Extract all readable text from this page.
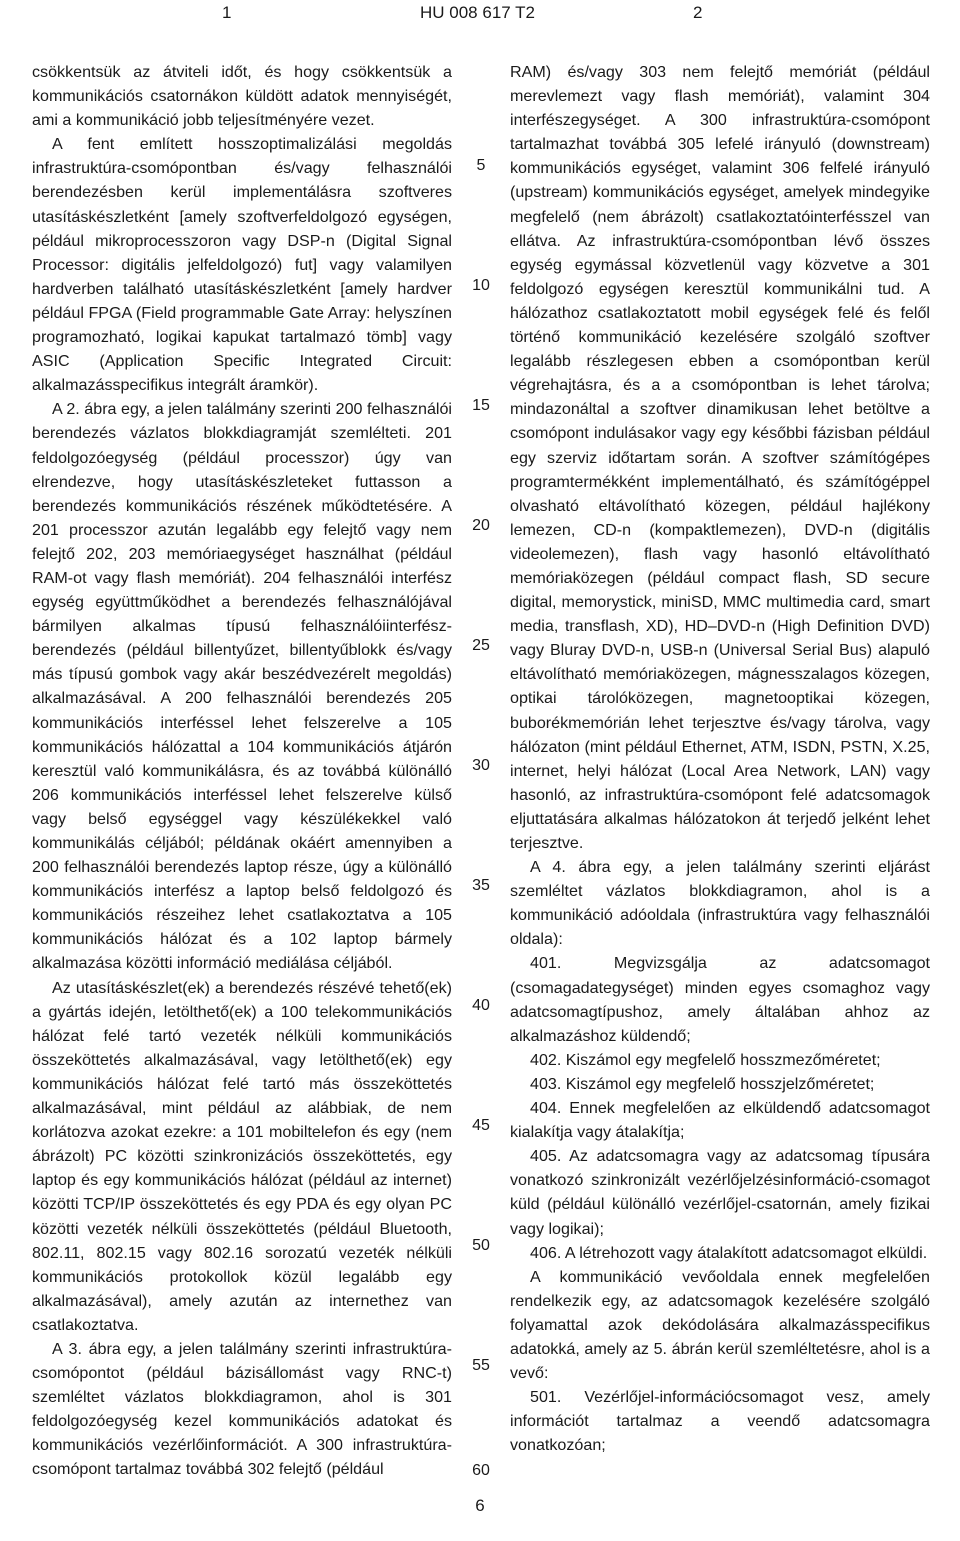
1	HU 008 617 T2	2

csökkentsük az átviteli időt, és hogy csökkentsük a kommunikációs csatornákon küldött adatok mennyiségét, ami a kommunikáció jobb teljesítményére vezet.

A fent említett hosszoptimalizálási megoldás infrastruktúra-csomópontban és/vagy felhasználói berendezésben kerül implementálásra szoftveres utasításkészletként [amely szoftverfeldolgozó egységen, például mikroprocesszoron vagy DSP-n (Digital Signal Processor: digitális jelfeldolgozó) fut] vagy valamilyen hardverben található utasításkészletként [amely hardver például FPGA (Field programmable Gate Array: helyszínen programozható, logikai kapukat tartalmazó tömb] vagy ASIC (Application Specific Integrated Circuit: alkalmazásspecifikus integrált áramkör).

A 2. ábra egy, a jelen találmány szerinti 200 felhasználói berendezés vázlatos blokkdiagramját szemlélteti. 201 feldolgozóegység (például processzor) úgy van elrendezve, hogy utasításkészleteket futtasson a berendezés kommunikációs részének működtetésére. A 201 processzor azután legalább egy felejtő vagy nem felejtő 202, 203 memóriaegységet használhat (például RAM-ot vagy flash memóriát). 204 felhasználói interfész egység együttműködhet a berendezés felhasználójával bármilyen alkalmas típusú felhasználóiinterfész-berendezés (például billentyűzet, billentyűblokk és/vagy más típusú gombok vagy akár beszédvezérelt megoldás) alkalmazásával. A 200 felhasználói berendezés 205 kommunikációs interféssel lehet felszerelve a 105 kommunikációs hálózattal a 104 kommunikációs átjárón keresztül való kommunikálásra, és az továbbá különálló 206 kommunikációs interféssel lehet felszerelve külső vagy belső egységgel vagy készülékekkel való kommunikálás céljából; példának okáért amennyiben a 200 felhasználói berendezés laptop része, úgy a különálló kommunikációs interfész a laptop belső feldolgozó és kommunikációs részeihez lehet csatlakoztatva a 105 kommunikációs hálózat és a 102 laptop bármely alkalmazása közötti információ mediálása céljából.

Az utasításkészlet(ek) a berendezés részévé tehető(ek) a gyártás idején, letölthető(ek) a 100 telekommunikációs hálózat felé tartó vezeték nélküli kommunikációs összeköttetés alkalmazásával, vagy letölthető(ek) egy kommunikációs hálózat felé tartó más összeköttetés alkalmazásával, mint például az alábbiak, de nem korlátozva azokat ezekre: a 101 mobiltelefon és egy (nem ábrázolt) PC közötti szinkronizációs összeköttetés, egy laptop és egy kommunikációs hálózat (például az internet) közötti TCP/IP összeköttetés és egy PDA és egy olyan PC közötti vezeték nélküli összeköttetés (például Bluetooth, 802.11, 802.15 vagy 802.16 sorozatú vezeték nélküli kommunikációs protokollok közül legalább egy alkalmazásával), amely azután az internethez van csatlakoztatva.

A 3. ábra egy, a jelen találmány szerinti infrastruktúra-csomópontot (például bázisállomást vagy RNC-t) szemléltet vázlatos blokkdiagramon, ahol is 301 feldolgozóegység kezel kommunikációs adatokat és kommunikációs vezérlőinformációt. A 300 infrastruktúra-csomópont tartalmaz továbbá 302 felejtő (például

5
10
15
20
25
30
35
40
45
50
55
60

RAM) és/vagy 303 nem felejtő memóriát (például merevlemezt vagy flash memóriát), valamint 304 interfészegységet. A 300 infrastruktúra-csomópont tartalmazhat továbbá 305 lefelé irányuló (downstream) kommunikációs egységet, valamint 306 felfelé irányuló (upstream) kommunikációs egységet, amelyek mindegyike megfelelő (nem ábrázolt) csatlakoztatóinterfésszel van ellátva. Az infrastruktúra-csomópontban lévő összes egység egymással közvetlenül vagy közvetve a 301 feldolgozó egységen keresztül kommunikálni tud. A hálózathoz csatlakoztatott mobil egységek felé és felől történő kommunikáció kezelésére szolgáló szoftver legalább részlegesen ebben a csomópontban kerül végrehajtásra, és a a csomópontban is lehet tárolva; mindazonáltal a szoftver dinamikusan lehet betöltve a csomópont indulásakor vagy egy későbbi fázisban például egy szerviz időtartam során. A szoftver számítógépes programtermékként implementálható, és számítógéppel olvasható eltávolítható közegen, például hajlékony lemezen, CD-n (kompaktlemezen), DVD-n (digitális videolemezen), flash vagy hasonló eltávolítható memóriaközegen (például compact flash, SD secure digital, memorystick, miniSD, MMC multimedia card, smart media, transflash, XD), HD–DVD-n (High Definition DVD) vagy Bluray DVD-n, USB-n (Universal Serial Bus) alapuló eltávolítható memóriaközegen, mágnesszalagos közegen, optikai tárolóközegen, magnetooptikai közegen, buborékmemórián lehet terjesztve és/vagy tárolva, vagy hálózaton (mint például Ethernet, ATM, ISDN, PSTN, X.25, internet, helyi hálózat (Local Area Network, LAN) vagy hasonló, az infrastruktúra-csomópont felé adatcsomagok eljuttatására alkalmas hálózatokon át terjedő jelként lehet terjesztve.

A 4. ábra egy, a jelen találmány szerinti eljárást szemléltet vázlatos blokkdiagramon, ahol is a kommunikáció adóoldala (infrastruktúra vagy felhasználói oldala):

401. Megvizsgálja az adatcsomagot (csomagadategységet) minden egyes csomaghoz vagy adatcsomagtípushoz, amely általában ahhoz az alkalmazáshoz küldendő;

402. Kiszámol egy megfelelő hosszmezőméretet;

403. Kiszámol egy megfelelő hosszjelzőméretet;

404. Ennek megfelelően az elküldendő adatcsomagot kialakítja vagy átalakítja;

405. Az adatcsomagra vagy az adatcsomag típusára vonatkozó szinkronizált vezérlőjelzésinformáció-csomagot küld (például különálló vezérlőjel-csatornán, amely fizikai vagy logikai);

406. A létrehozott vagy átalakított adatcsomagot elküldi.

A kommunikáció vevőoldala ennek megfelelően rendelkezik egy, az adatcsomagok kezelésére szolgáló folyamattal azok dekódolására alkalmazásspecifikus adatokká, amely az 5. ábrán kerül szemléltetésre, ahol is a vevő:

501. Vezérlőjel-információcsomagot vesz, amely információt tartalmaz a veendő adatcsomagra vonatkozóan;

6
